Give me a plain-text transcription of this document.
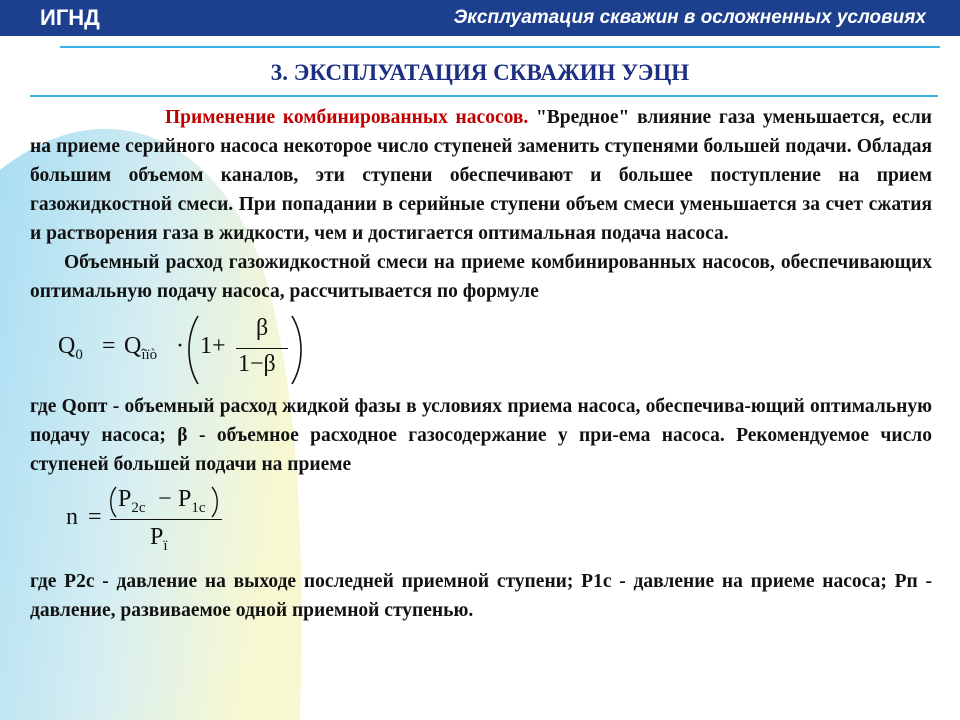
ИГНД	Эксплуатация скважин в осложненных условиях
3. ЭКСПЛУАТАЦИЯ СКВАЖИН УЭЦН

Применение комбинированных насосов. "Вредное" влияние газа уменьшается, если на приеме серийного насоса некоторое число ступеней заменить ступенями большей подачи. Обладая большим объемом каналов, эти ступени обеспечивают и большее поступление на прием газожидкостной смеси. При попадании в серийные ступени объем смеси уменьшается за счет сжатия и растворения газа в жидкости, чем и достигается оптимальная подача насоса.

Объемный расход газожидкостной смеси на приеме комбинированных насосов, обеспечивающих оптимальную подачу насоса, рассчитывается по формуле

$Q_0 = Q_{îïò} \cdot 1+$
β
1−β

где Qопт - объемный расход жидкой фазы в условиях приема насоса, обеспечива-ющий оптимальную подачу насоса; β - объемное расходное газосодержание у при-ема насоса. Рекомендуемое число ступеней большей подачи на приеме

n =
$P_{2c} - P_{1c}$
$P_ï$

где P2c - давление на выходе последней приемной ступени; P1c - давление на приеме насоса; Pп - давление, развиваемое одной приемной ступенью.
